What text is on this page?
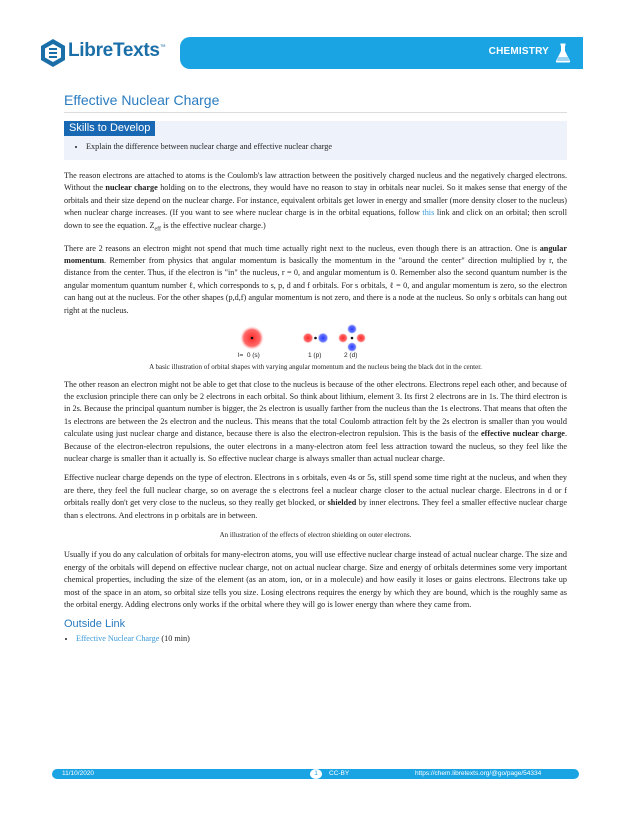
LibreTexts™	CHEMISTRY
Effective Nuclear Charge
Skills to Develop
• Explain the difference between nuclear charge and effective nuclear charge

The reason electrons are attached to atoms is the Coulomb's law attraction between the positively charged nucleus and the negatively charged electrons. Without the nuclear charge holding on to the electrons, they would have no reason to stay in orbitals near nuclei. So it makes sense that energy of the orbitals and their size depend on the nuclear charge. For instance, equivalent orbitals get lower in energy and smaller (more density closer to the nucleus) when nuclear charge increases. (If you want to see where nuclear charge is in the orbital equations, follow this link and click on an orbital; then scroll down to see the equation. $Z_{eff}$ is the effective nuclear charge.)

There are 2 reasons an electron might not spend that much time actually right next to the nucleus, even though there is an attraction. One is angular momentum. Remember from physics that angular momentum is basically the momentum in the "around the center" direction multiplied by r, the distance from the center. Thus, if the electron is "in" the nucleus, r = 0, and angular momentum is 0. Remember also the second quantum number is the angular momentum quantum number ℓ, which corresponds to s, p, d and f orbitals. For s orbitals, ℓ = 0, and angular momentum is zero, so the electron can hang out at the nucleus. For the other shapes (p,d,f) angular momentum is not zero, and there is a node at the nucleus. So only s orbitals can hang out right at the nucleus.

l=  0 (s)	1 (p)	2 (d)
A basic illustration of orbital shapes with varying angular momentum and the nucleus being the black dot in the center.

The other reason an electron might not be able to get that close to the nucleus is because of the other electrons. Electrons repel each other, and because of the exclusion principle there can only be 2 electrons in each orbital. So think about lithium, element 3. Its first 2 electrons are in 1s. The third electron is in 2s. Because the principal quantum number is bigger, the 2s electron is usually farther from the nucleus than the 1s electrons. That means that often the 1s electrons are between the 2s electron and the nucleus. This means that the total Coulomb attraction felt by the 2s electron is smaller than you would calculate using just nuclear charge and distance, because there is also the electron-electron repulsion. This is the basis of the effective nuclear charge. Because of the electron-electron repulsions, the outer electrons in a many-electron atom feel less attraction toward the nucleus, so they feel like the nuclear charge is smaller than it actually is. So effective nuclear charge is always smaller than actual nuclear charge.

Effective nuclear charge depends on the type of electron. Electrons in s orbitals, even 4s or 5s, still spend some time right at the nucleus, and when they are there, they feel the full nuclear charge, so on average the s electrons feel a nuclear charge closer to the actual nuclear charge. Electrons in d or f orbitals really don't get very close to the nucleus, so they really get blocked, or shielded by inner electrons. They feel a smaller effective nuclear charge than s electrons. And electrons in p orbitals are in between.

An illustration of the effects of electron shielding on outer electrons.

Usually if you do any calculation of orbitals for many-electron atoms, you will use effective nuclear charge instead of actual nuclear charge. The size and energy of the orbitals will depend on effective nuclear charge, not on actual nuclear charge. Size and energy of orbitals determines some very important chemical properties, including the size of the element (as an atom, ion, or in a molecule) and how easily it loses or gains electrons. Electrons take up most of the space in an atom, so orbital size tells you size. Losing electrons requires the energy by which they are bound, which is the roughly same as the orbital energy. Adding electrons only works if the orbital where they will go is lower energy than where they came from.

Outside Link
• Effective Nuclear Charge (10 min)
11/10/2020	1	CC-BY	https://chem.libretexts.org/@go/page/54334
